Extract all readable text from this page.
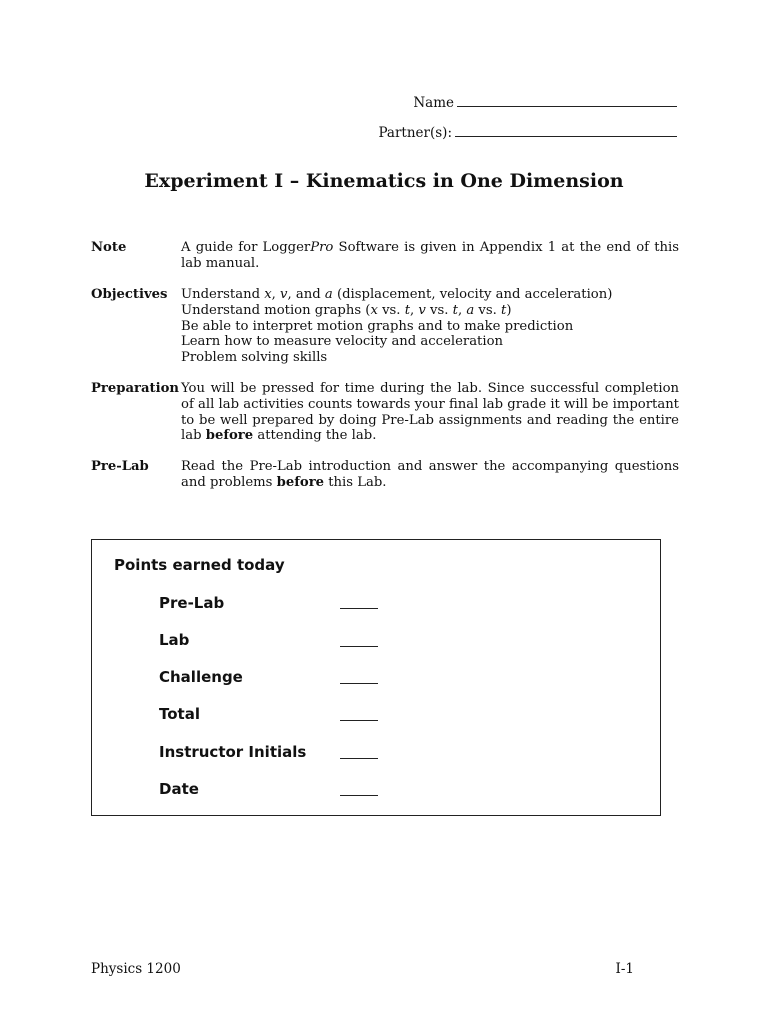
Name
Partner(s):
Experiment I – Kinematics in One Dimension
Note	A guide for LoggerPro Software is given in Appendix 1 at the end of this lab manual.
Objectives	Understand x, v, and a (displacement, velocity and acceleration)
Understand motion graphs (x vs. t, v vs. t, a vs. t)
Be able to interpret motion graphs and to make prediction
Learn how to measure velocity and acceleration
Problem solving skills
Preparation You will be pressed for time during the lab. Since successful completion of all lab activities counts towards your final lab grade it will be important to be well prepared by doing Pre-Lab assignments and reading the entire lab before attending the lab.
Pre-Lab	Read the Pre-Lab introduction and answer the accompanying questions and problems before this Lab.
Points earned today
Pre-Lab
Lab
Challenge
Total
Instructor Initials
Date
Physics 1200	I-1
